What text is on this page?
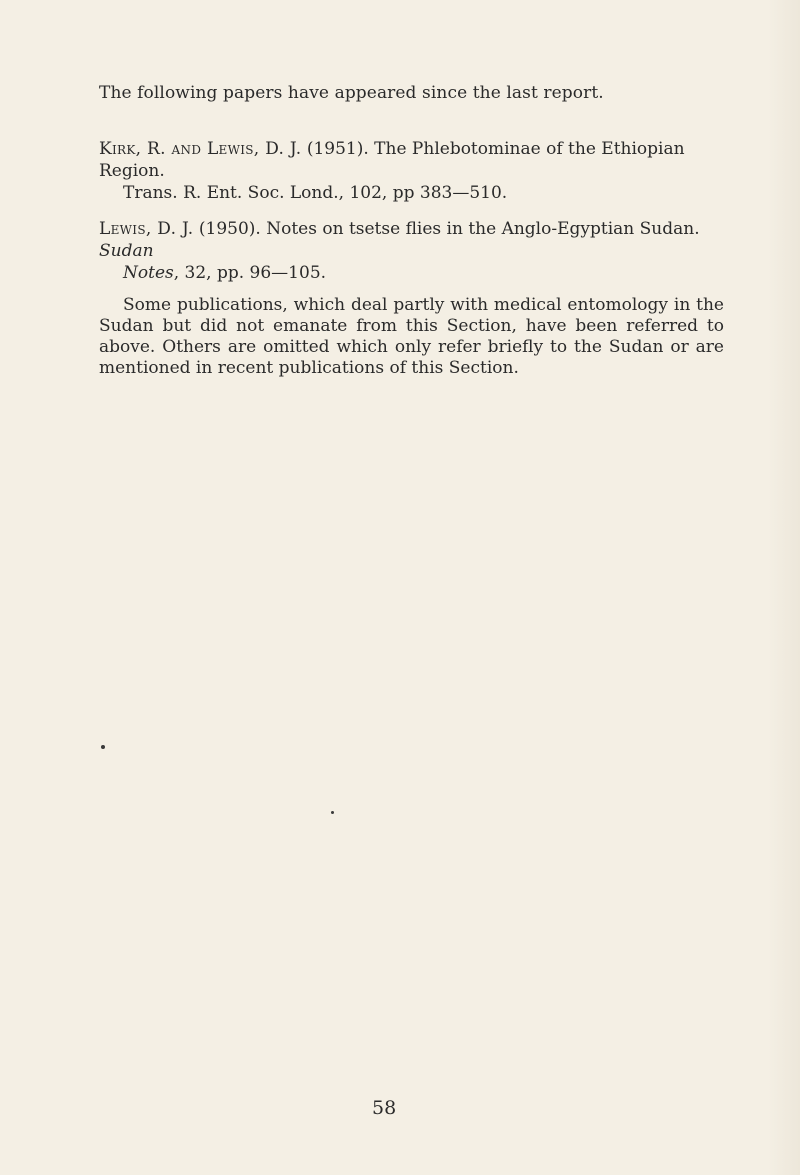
The following papers have appeared since the last report.

Kirk, R. and Lewis, D. J. (1951). The Phlebotominae of the Ethiopian Region.
Trans. R. Ent. Soc. Lond., 102, pp 383—510.

Lewis, D. J. (1950). Notes on tsetse flies in the Anglo-Egyptian Sudan. Sudan
Notes, 32, pp. 96—105.

Some publications, which deal partly with medical entomology in the Sudan but did not emanate from this Section, have been referred to above. Others are omitted which only refer briefly to the Sudan or are mentioned in recent publications of this Section.

58
